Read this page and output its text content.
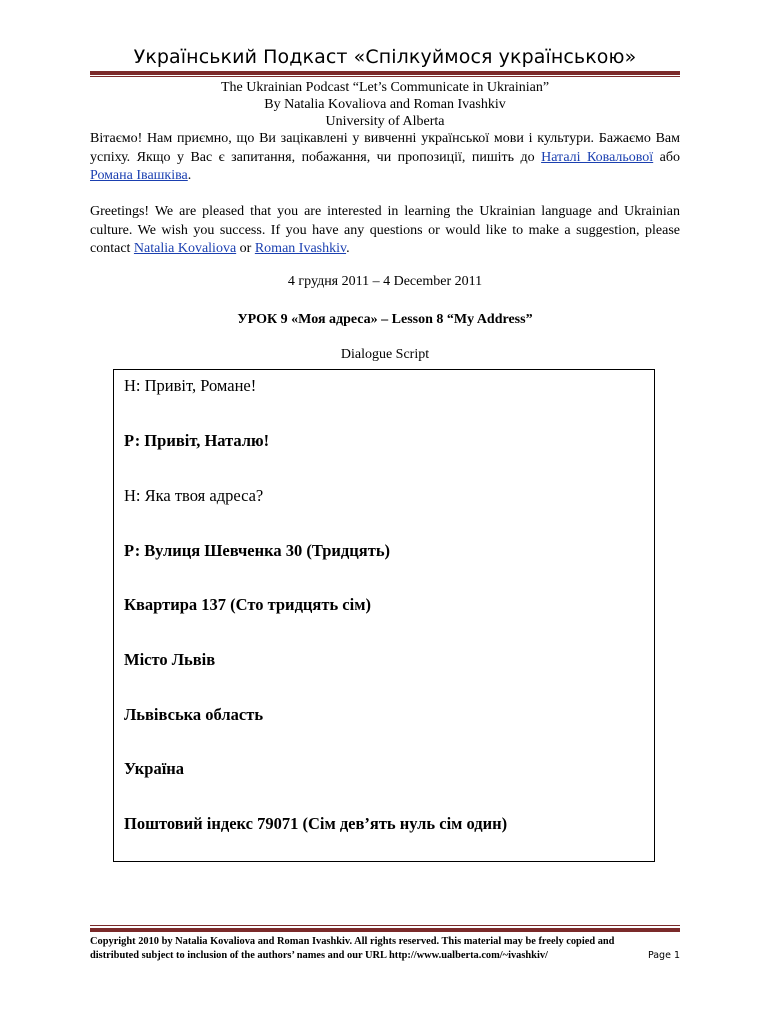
Український Подкаст «Спілкуймося українською»
The Ukrainian Podcast “Let’s Communicate in Ukrainian”
By Natalia Kovaliova and Roman Ivashkiv
University of Alberta
Вітаємо! Нам приємно, що Ви зацікавлені у вивченні української мови і культури. Бажаємо Вам успіху. Якщо у Вас є запитання, побажання, чи пропозиції, пишіть до Наталі Ковальової або Романа Івашківа.
Greetings! We are pleased that you are interested in learning the Ukrainian language and Ukrainian culture. We wish you success. If you have any questions or would like to make a suggestion, please contact Natalia Kovaliova or Roman Ivashkiv.
4 грудня 2011 – 4 December 2011
УРОК 9 «Моя адреса» – Lesson 8 “My Address”
Dialogue Script
Н: Привіт, Романе!
Р: Привіт, Наталю!
Н: Яка твоя адреса?
Р: Вулиця Шевченка 30 (Тридцять)
Квартира 137 (Сто тридцять сім)
Місто Львів
Львівська область
Україна
Поштовий індекс 79071 (Сім дев’ять нуль сім один)
Copyright 2010 by Natalia Kovaliova and Roman Ivashkiv. All rights reserved. This material may be freely copied and
distributed subject to inclusion of the authors’ names and our URL http://www.ualberta.com/~ivashkiv/	Page 1
